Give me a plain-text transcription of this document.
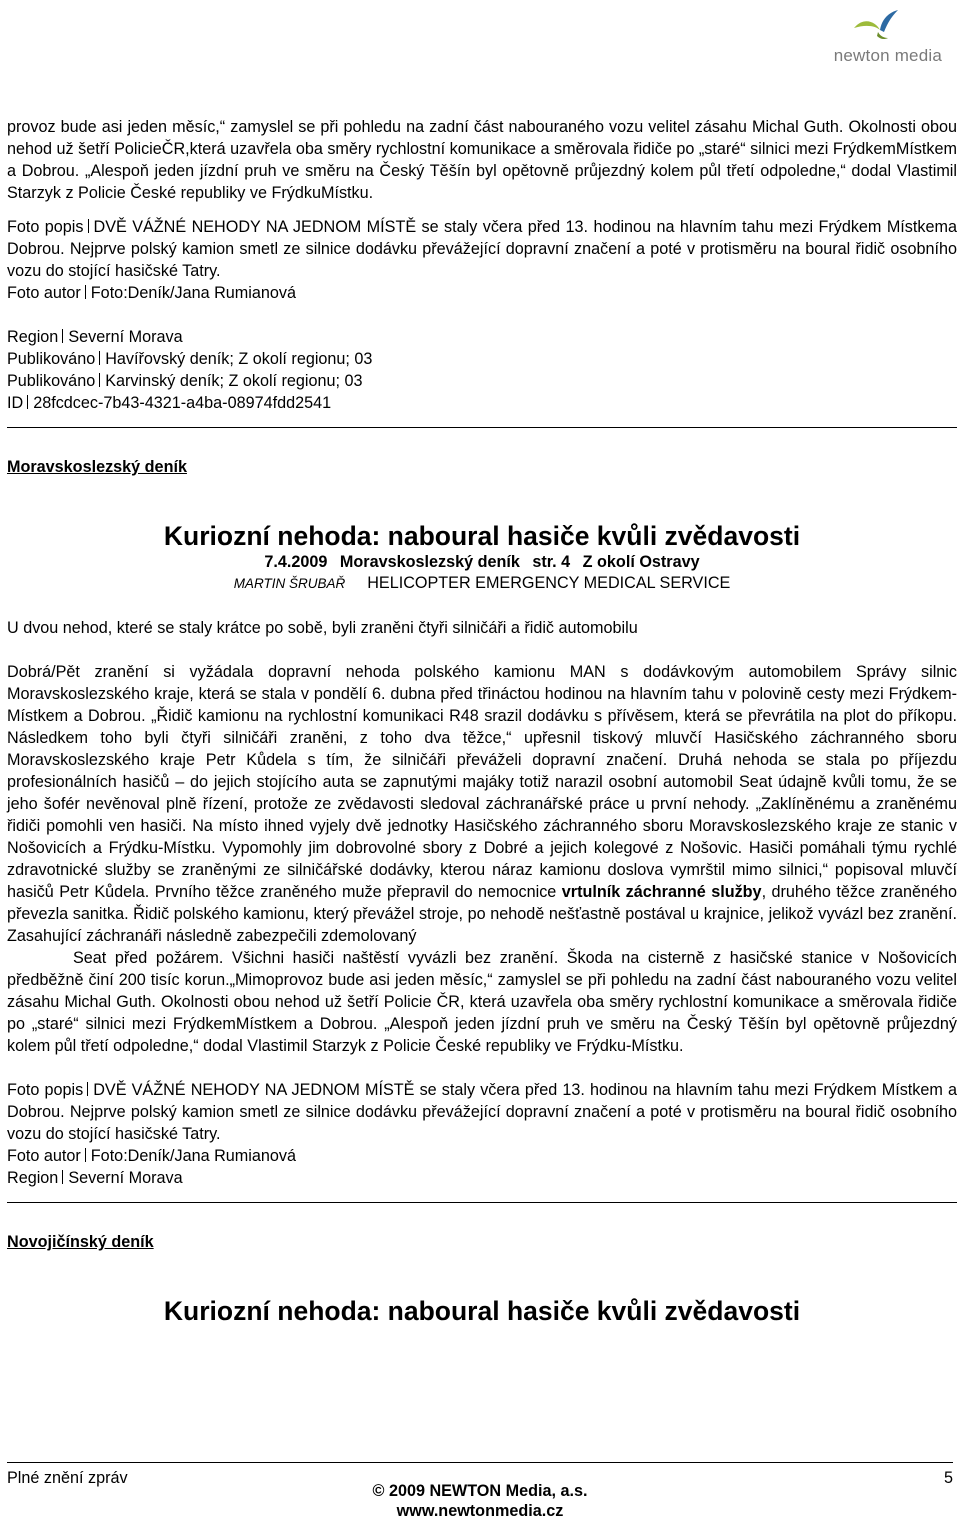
newton media

provoz bude asi jeden měsíc,“ zamyslel se při pohledu na zadní část nabouraného vozu velitel zásahu Michal Guth. Okolnosti obou nehod už šetří PolicieČR,která uzavřela oba směry rychlostní komunikace a směrovala řidiče po „staré“ silnici mezi FrýdkemMístkem a Dobrou. „Alespoň jeden jízdní pruh ve směru na Český Těšín byl opětovně průjezdný kolem půl třetí odpoledne,“ dodal Vlastimil Starzyk z Policie České republiky ve FrýdkuMístku.

Foto popis DVĚ VÁŽNÉ NEHODY NA JEDNOM MÍSTĚ se staly včera před 13. hodinou na hlavním tahu mezi Frýdkem Místkema Dobrou. Nejprve polský kamion smetl ze silnice dodávku převážející dopravní značení a poté v protisměru na boural řidič osobního vozu do stojící hasičské Tatry.

Foto autor Foto:Deník/Jana Rumianová

Region Severní Morava

Publikováno Havířovský deník; Z okolí regionu; 03

Publikováno Karvinský deník; Z okolí regionu; 03

ID 28fcdcec-7b43-4321-a4ba-08974fdd2541

Moravskoslezský deník
Kuriozní nehoda: naboural hasiče kvůli zvědavosti
7.4.2009 Moravskoslezský deník str. 4 Z okolí Ostravy
MARTIN ŠRUBAŘ HELICOPTER EMERGENCY MEDICAL SERVICE

U dvou nehod, které se staly krátce po sobě, byli zraněni čtyři silničáři a řidič automobilu

Dobrá/Pět zranění si vyžádala dopravní nehoda polského kamionu MAN s dodávkovým automobilem Správy silnic Moravskoslezského kraje, která se stala v pondělí 6. dubna před třináctou hodinou na hlavním tahu v polovině cesty mezi Frýdkem-Místkem a Dobrou. „Řidič kamionu na rychlostní komunikaci R48 srazil dodávku s přívěsem, která se převrátila na plot do příkopu. Následkem toho byli čtyři silničáři zraněni, z toho dva těžce,“ upřesnil tiskový mluvčí Hasičského záchranného sboru Moravskoslezského kraje Petr Kůdela s tím, že silničáři převáželi dopravní značení. Druhá nehoda se stala po příjezdu profesionálních hasičů – do jejich stojícího auta se zapnutými majáky totiž narazil osobní automobil Seat údajně kvůli tomu, že se jeho šofér nevěnoval plně řízení, protože ze zvědavosti sledoval záchranářské práce u první nehody. „Zaklíněnému a zraněnému řidiči pomohli ven hasiči. Na místo ihned vyjely dvě jednotky Hasičského záchranného sboru Moravskoslezského kraje ze stanic v Nošovicích a Frýdku-Místku. Vypomohly jim dobrovolné sbory z Dobré a jejich kolegové z Nošovic. Hasiči pomáhali týmu rychlé zdravotnické služby se zraněnými ze silničářské dodávky, kterou náraz kamionu doslova vymrštil mimo silnici,“ popisoval mluvčí hasičů Petr Kůdela. Prvního těžce zraněného muže přepravil do nemocnice vrtulník záchranné služby, druhého těžce zraněného převezla sanitka. Řidič polského kamionu, který převážel stroje, po nehodě nešťastně postával u krajnice, jelikož vyvázl bez zranění. Zasahující záchranáři následně zabezpečili zdemolovaný

Seat před požárem. Všichni hasiči naštěstí vyvázli bez zranění. Škoda na cisterně z hasičské stanice v Nošovicích předběžně činí 200 tisíc korun.„Mimoprovoz bude asi jeden měsíc,“ zamyslel se při pohledu na zadní část nabouraného vozu velitel zásahu Michal Guth. Okolnosti obou nehod už šetří Policie ČR, která uzavřela oba směry rychlostní komunikace a směrovala řidiče po „staré“ silnici mezi FrýdkemMístkem a Dobrou. „Alespoň jeden jízdní pruh ve směru na Český Těšín byl opětovně průjezdný kolem půl třetí odpoledne,“ dodal Vlastimil Starzyk z Policie České republiky ve Frýdku-Místku.

Foto popis DVĚ VÁŽNÉ NEHODY NA JEDNOM MÍSTĚ se staly včera před 13. hodinou na hlavním tahu mezi Frýdkem Místkem a Dobrou. Nejprve polský kamion smetl ze silnice dodávku převážející dopravní značení a poté v protisměru na boural řidič osobního vozu do stojící hasičské Tatry.

Foto autor Foto:Deník/Jana Rumianová

Region Severní Morava

Novojičínský deník
Kuriozní nehoda: naboural hasiče kvůli zvědavosti
Plné znění zpráv	5
© 2009 NEWTON Media, a.s.
www.newtonmedia.cz
